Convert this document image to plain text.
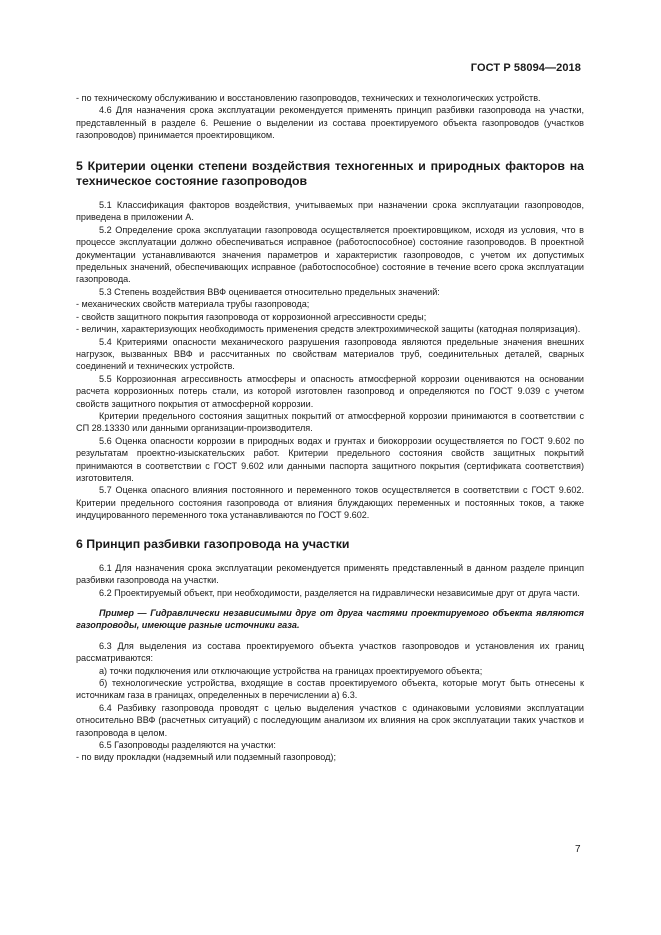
ГОСТ Р 58094—2018

- по техническому обслуживанию и восстановлению газопроводов, технических и технологических устройств.

4.6 Для назначения срока эксплуатации рекомендуется применять принцип разбивки газопровода на участки, представленный в разделе 6. Решение о выделении из состава проектируемого объекта газопроводов (участков газопроводов) принимается проектировщиком.

5 Критерии оценки степени воздействия техногенных и природных факторов на техническое состояние газопроводов

5.1 Классификация факторов воздействия, учитываемых при назначении срока эксплуатации газопроводов, приведена в приложении А.

5.2 Определение срока эксплуатации газопровода осуществляется проектировщиком, исходя из условия, что в процессе эксплуатации должно обеспечиваться исправное (работоспособное) состояние газопроводов. В проектной документации устанавливаются значения параметров и характеристик газопроводов, с учетом их допустимых предельных значений, обеспечивающих исправное (работоспособное) состояние в течение всего срока эксплуатации газопровода.

5.3 Степень воздействия ВВФ оценивается относительно предельных значений:

- механических свойств материала трубы газопровода;

- свойств защитного покрытия газопровода от коррозионной агрессивности среды;

- величин, характеризующих необходимость применения средств электрохимической защиты (катодная поляризация).

5.4 Критериями опасности механического разрушения газопровода являются предельные значения внешних нагрузок, вызванных ВВФ и рассчитанных по свойствам материалов труб, соединительных деталей, сварных соединений и технических устройств.

5.5 Коррозионная агрессивность атмосферы и опасность атмосферной коррозии оцениваются на основании расчета коррозионных потерь стали, из которой изготовлен газопровод и определяются по ГОСТ 9.039 с учетом свойств защитного покрытия от атмосферной коррозии.

Критерии предельного состояния защитных покрытий от атмосферной коррозии принимаются в соответствии с СП 28.13330 или данными организации-производителя.

5.6 Оценка опасности коррозии в природных водах и грунтах и биокоррозии осуществляется по ГОСТ 9.602 по результатам проектно-изыскательских работ. Критерии предельного состояния свойств защитных покрытий принимаются в соответствии с ГОСТ 9.602 или данными паспорта защитного покрытия (сертификата соответствия) изготовителя.

5.7 Оценка опасного влияния постоянного и переменного токов осуществляется в соответствии с ГОСТ 9.602. Критерии предельного состояния газопровода от влияния блуждающих переменных и постоянных токов, а также индуцированного переменного тока устанавливаются по ГОСТ 9.602.

6 Принцип разбивки газопровода на участки

6.1 Для назначения срока эксплуатации рекомендуется применять представленный в данном разделе принцип разбивки газопровода на участки.

6.2 Проектируемый объект, при необходимости, разделяется на гидравлически независимые друг от друга части.

Пример — Гидравлически независимыми друг от друга частями проектируемого объекта являются газопроводы, имеющие разные источники газа.

6.3 Для выделения из состава проектируемого объекта участков газопроводов и установления их границ рассматриваются:

а) точки подключения или отключающие устройства на границах проектируемого объекта;

б) технологические устройства, входящие в состав проектируемого объекта, которые могут быть отнесены к источникам газа в границах, определенных в перечислении а) 6.3.

6.4 Разбивку газопровода проводят с целью выделения участков с одинаковыми условиями эксплуатации относительно ВВФ (расчетных ситуаций) с последующим анализом их влияния на срок эксплуатации таких участков и газопровода в целом.

6.5 Газопроводы разделяются на участки:

- по виду прокладки (надземный или подземный газопровод);

7
